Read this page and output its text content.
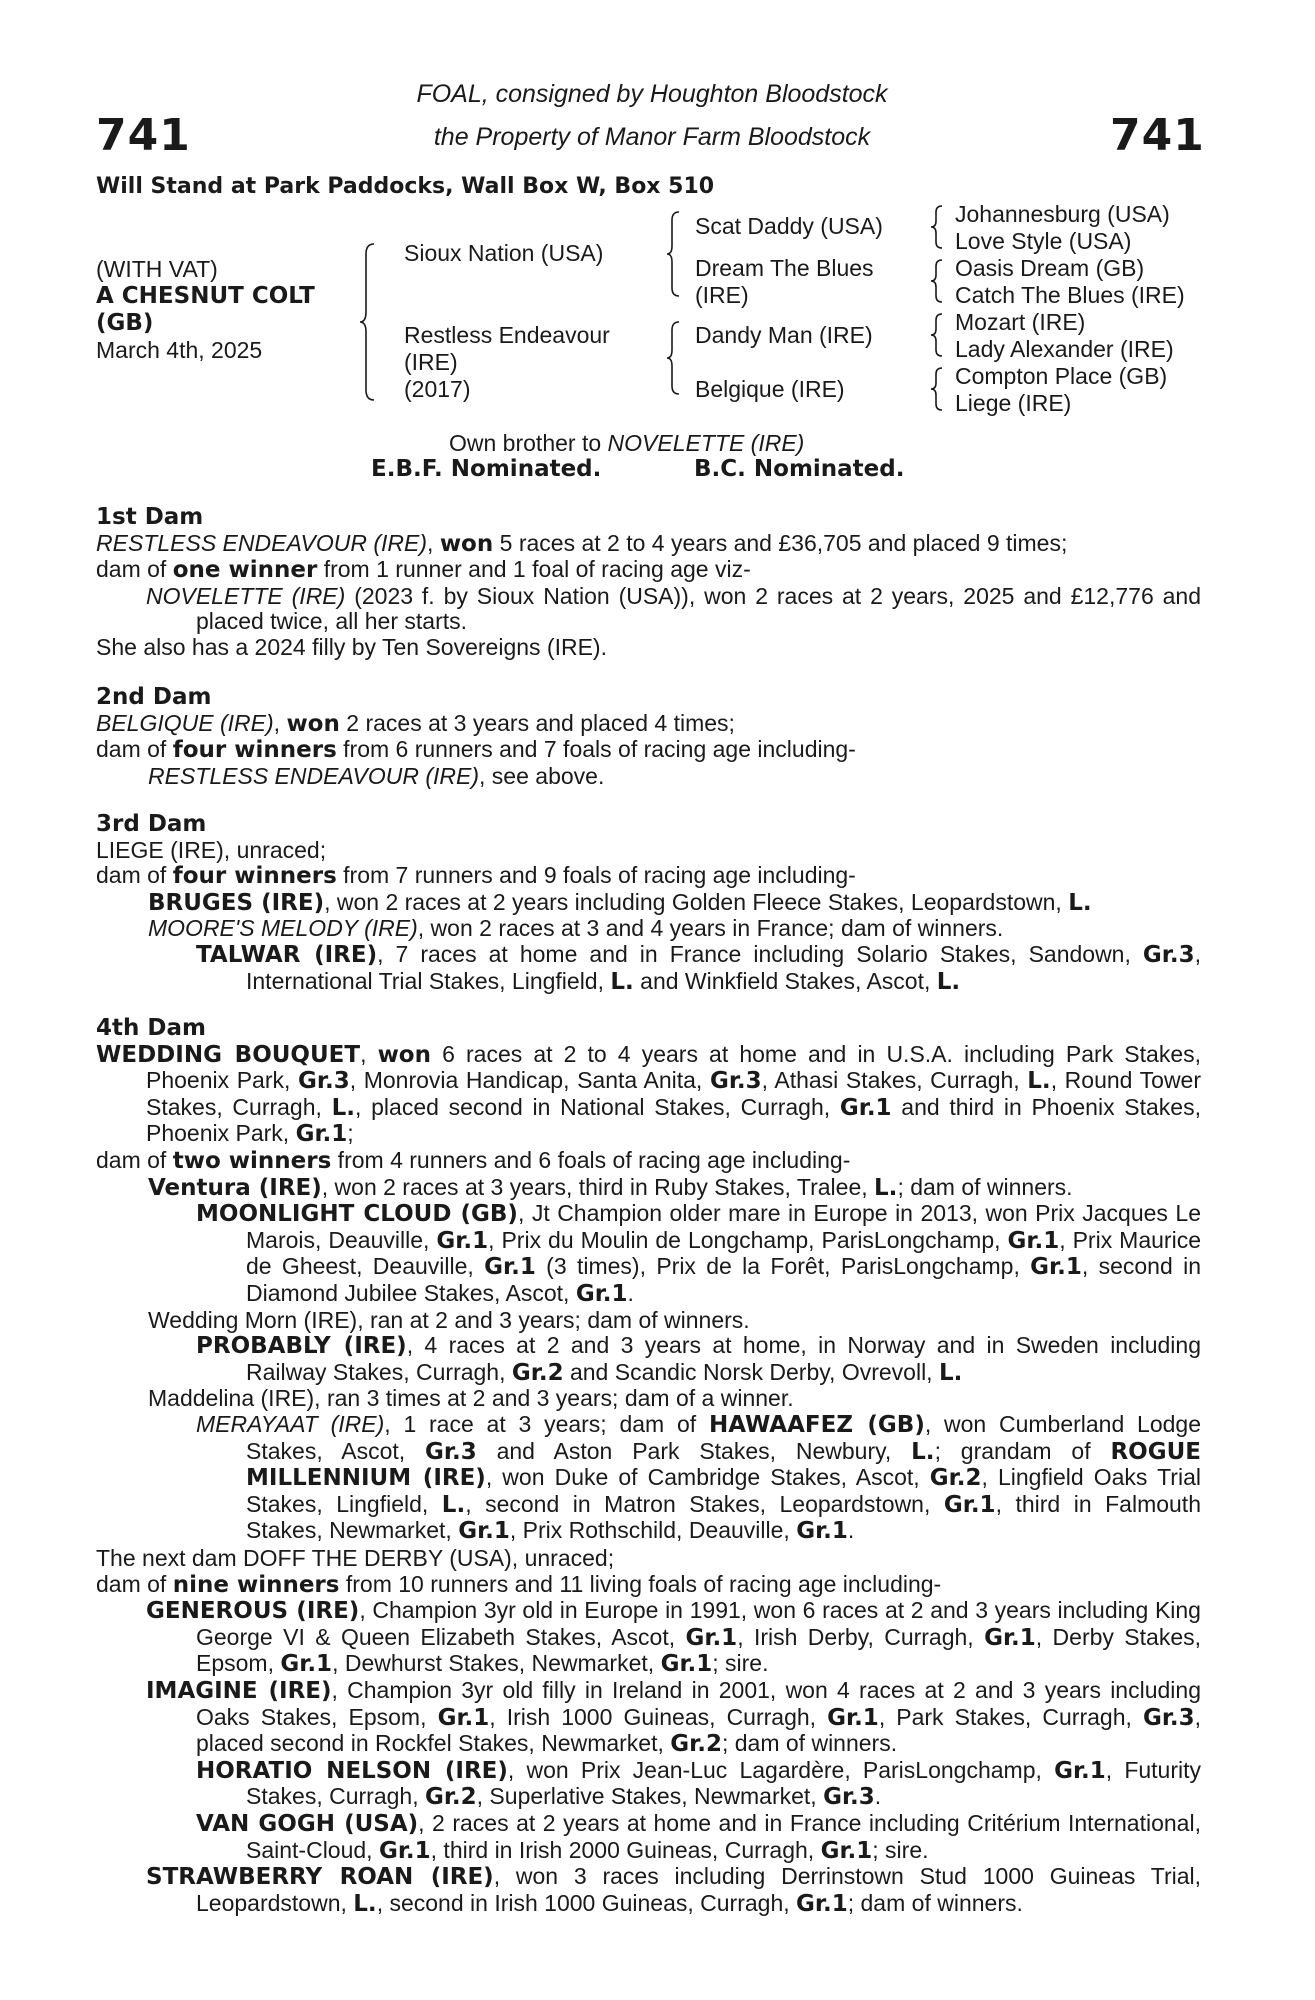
741	741
FOAL, consigned by Houghton Bloodstock
the Property of Manor Farm Bloodstock
Will Stand at Park Paddocks, Wall Box W, Box 510
(WITH VAT)
A CHESNUT COLT
(GB)
March 4th, 2025
Sioux Nation (USA)
Restless Endeavour
(IRE)
(2017)
Scat Daddy (USA)
Dream The Blues
(IRE)
Dandy Man (IRE)
Belgique (IRE)
Johannesburg (USA)
Love Style (USA)
Oasis Dream (GB)
Catch The Blues (IRE)
Mozart (IRE)
Lady Alexander (IRE)
Compton Place (GB)
Liege (IRE)
Own brother to NOVELETTE (IRE)
E.B.F. Nominated.	B.C. Nominated.

1st Dam

RESTLESS ENDEAVOUR (IRE), won 5 races at 2 to 4 years and £36,705 and placed 9 times;

dam of one winner from 1 runner and 1 foal of racing age viz-

NOVELETTE (IRE) (2023 f. by Sioux Nation (USA)), won 2 races at 2 years, 2025 and £12,776 and placed twice, all her starts.

She also has a 2024 filly by Ten Sovereigns (IRE).

2nd Dam

BELGIQUE (IRE), won 2 races at 3 years and placed 4 times;

dam of four winners from 6 runners and 7 foals of racing age including-

RESTLESS ENDEAVOUR (IRE), see above.

3rd Dam

LIEGE (IRE), unraced;

dam of four winners from 7 runners and 9 foals of racing age including-

BRUGES (IRE), won 2 races at 2 years including Golden Fleece Stakes, Leopardstown, L.

MOORE'S MELODY (IRE), won 2 races at 3 and 4 years in France; dam of winners.

TALWAR (IRE), 7 races at home and in France including Solario Stakes, Sandown, Gr.3, International Trial Stakes, Lingfield, L. and Winkfield Stakes, Ascot, L.

4th Dam

WEDDING BOUQUET, won 6 races at 2 to 4 years at home and in U.S.A. including Park Stakes, Phoenix Park, Gr.3, Monrovia Handicap, Santa Anita, Gr.3, Athasi Stakes, Curragh, L., Round Tower Stakes, Curragh, L., placed second in National Stakes, Curragh, Gr.1 and third in Phoenix Stakes, Phoenix Park, Gr.1;

dam of two winners from 4 runners and 6 foals of racing age including-

Ventura (IRE), won 2 races at 3 years, third in Ruby Stakes, Tralee, L.; dam of winners.

MOONLIGHT CLOUD (GB), Jt Champion older mare in Europe in 2013, won Prix Jacques Le Marois, Deauville, Gr.1, Prix du Moulin de Longchamp, ParisLongchamp, Gr.1, Prix Maurice de Gheest, Deauville, Gr.1 (3 times), Prix de la Forêt, ParisLongchamp, Gr.1, second in Diamond Jubilee Stakes, Ascot, Gr.1.

Wedding Morn (IRE), ran at 2 and 3 years; dam of winners.

PROBABLY (IRE), 4 races at 2 and 3 years at home, in Norway and in Sweden including Railway Stakes, Curragh, Gr.2 and Scandic Norsk Derby, Ovrevoll, L.

Maddelina (IRE), ran 3 times at 2 and 3 years; dam of a winner.

MERAYAAT (IRE), 1 race at 3 years; dam of HAWAAFEZ (GB), won Cumberland Lodge Stakes, Ascot, Gr.3 and Aston Park Stakes, Newbury, L.; grandam of ROGUE MILLENNIUM (IRE), won Duke of Cambridge Stakes, Ascot, Gr.2, Lingfield Oaks Trial Stakes, Lingfield, L., second in Matron Stakes, Leopardstown, Gr.1, third in Falmouth Stakes, Newmarket, Gr.1, Prix Rothschild, Deauville, Gr.1.

The next dam DOFF THE DERBY (USA), unraced;

dam of nine winners from 10 runners and 11 living foals of racing age including-

GENEROUS (IRE), Champion 3yr old in Europe in 1991, won 6 races at 2 and 3 years including King George VI & Queen Elizabeth Stakes, Ascot, Gr.1, Irish Derby, Curragh, Gr.1, Derby Stakes, Epsom, Gr.1, Dewhurst Stakes, Newmarket, Gr.1; sire.

IMAGINE (IRE), Champion 3yr old filly in Ireland in 2001, won 4 races at 2 and 3 years including Oaks Stakes, Epsom, Gr.1, Irish 1000 Guineas, Curragh, Gr.1, Park Stakes, Curragh, Gr.3, placed second in Rockfel Stakes, Newmarket, Gr.2; dam of winners.

HORATIO NELSON (IRE), won Prix Jean-Luc Lagardère, ParisLongchamp, Gr.1, Futurity Stakes, Curragh, Gr.2, Superlative Stakes, Newmarket, Gr.3.

VAN GOGH (USA), 2 races at 2 years at home and in France including Critérium International, Saint-Cloud, Gr.1, third in Irish 2000 Guineas, Curragh, Gr.1; sire.

STRAWBERRY ROAN (IRE), won 3 races including Derrinstown Stud 1000 Guineas Trial, Leopardstown, L., second in Irish 1000 Guineas, Curragh, Gr.1; dam of winners.
